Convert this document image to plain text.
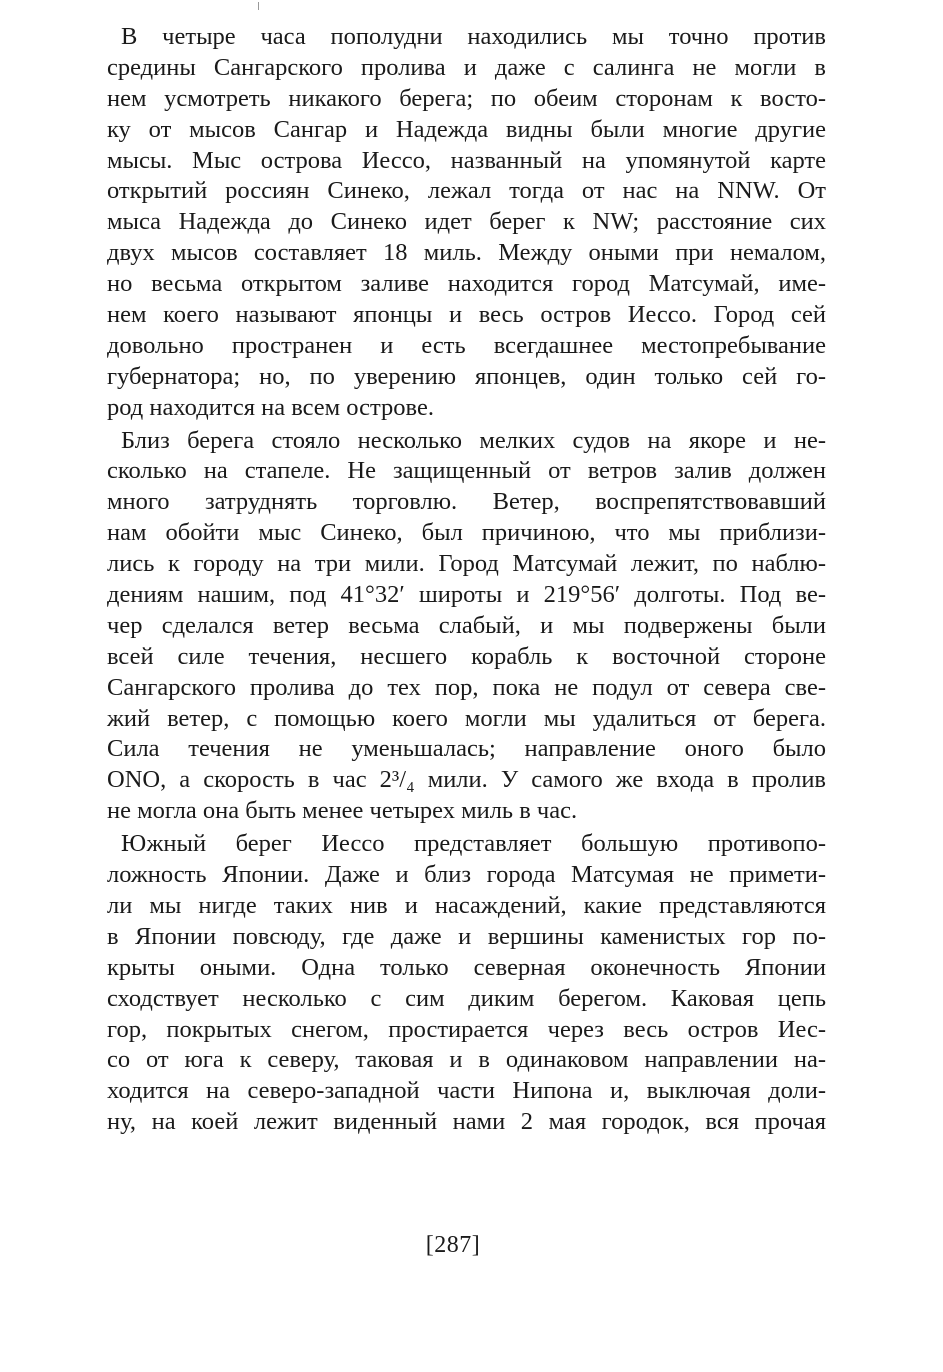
В четыре часа пополудни находились мы точно против
средины Сангарского пролива и даже с салинга не могли в
нем усмотреть никакого берега; по обеим сторонам к восто-
ку от мысов Сангар и Надежда видны были многие другие
мысы. Мыс острова Иессо, названный на упомянутой карте
открытий россиян Синеко, лежал тогда от нас на NNW. От
мыса Надежда до Синеко идет берег к NW; расстояние сих
двух мысов составляет 18 миль. Между оными при немалом,
но весьма открытом заливе находится город Матсумай, име-
нем коего называют японцы и весь остров Иессо. Город сей
довольно пространен и есть всегдашнее местопребывание
губернатора; но, по уверению японцев, один только сей го-
род находится на всем острове.
Близ берега стояло несколько мелких судов на якоре и не-
сколько на стапеле. Не защищенный от ветров залив должен
много затруднять торговлю. Ветер, воспрепятствовавший
нам обойти мыс Синеко, был причиною, что мы приблизи-
лись к городу на три мили. Город Матсумай лежит, по наблю-
дениям нашим, под 41°32′ широты и 219°56′ долготы. Под ве-
чер сделался ветер весьма слабый, и мы подвержены были
всей силе течения, несшего корабль к восточной стороне
Сангарского пролива до тех пор, пока не подул от севера све-
жий ветер, с помощью коего могли мы удалиться от берега.
Сила течения не уменьшалась; направление оного было
ONO, а скорость в час 2³/₄ мили. У самого же входа в пролив
не могла она быть менее четырех миль в час.
Южный берег Иессо представляет большую противопо-
ложность Японии. Даже и близ города Матсумая не примети-
ли мы нигде таких нив и насаждений, какие представляются
в Японии повсюду, где даже и вершины каменистых гор по-
крыты оными. Одна только северная оконечность Японии
сходствует несколько с сим диким берегом. Каковая цепь
гор, покрытых снегом, простирается через весь остров Иес-
со от юга к северу, таковая и в одинаковом направлении на-
ходится на северо-западной части Нипона и, выключая доли-
ну, на коей лежит виденный нами 2 мая городок, вся прочая
[287]
